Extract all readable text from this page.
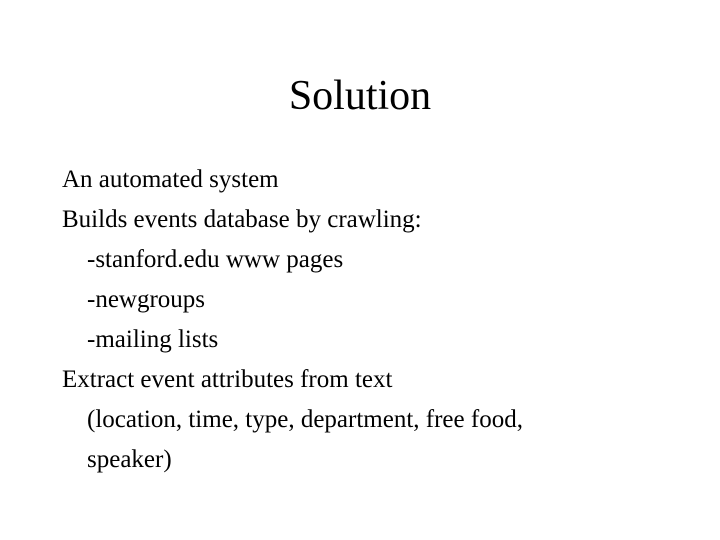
Solution
An automated system
Builds events database by crawling:
-stanford.edu www pages
-newgroups
-mailing lists
Extract event attributes from text
(location, time, type, department, free food,
speaker)
